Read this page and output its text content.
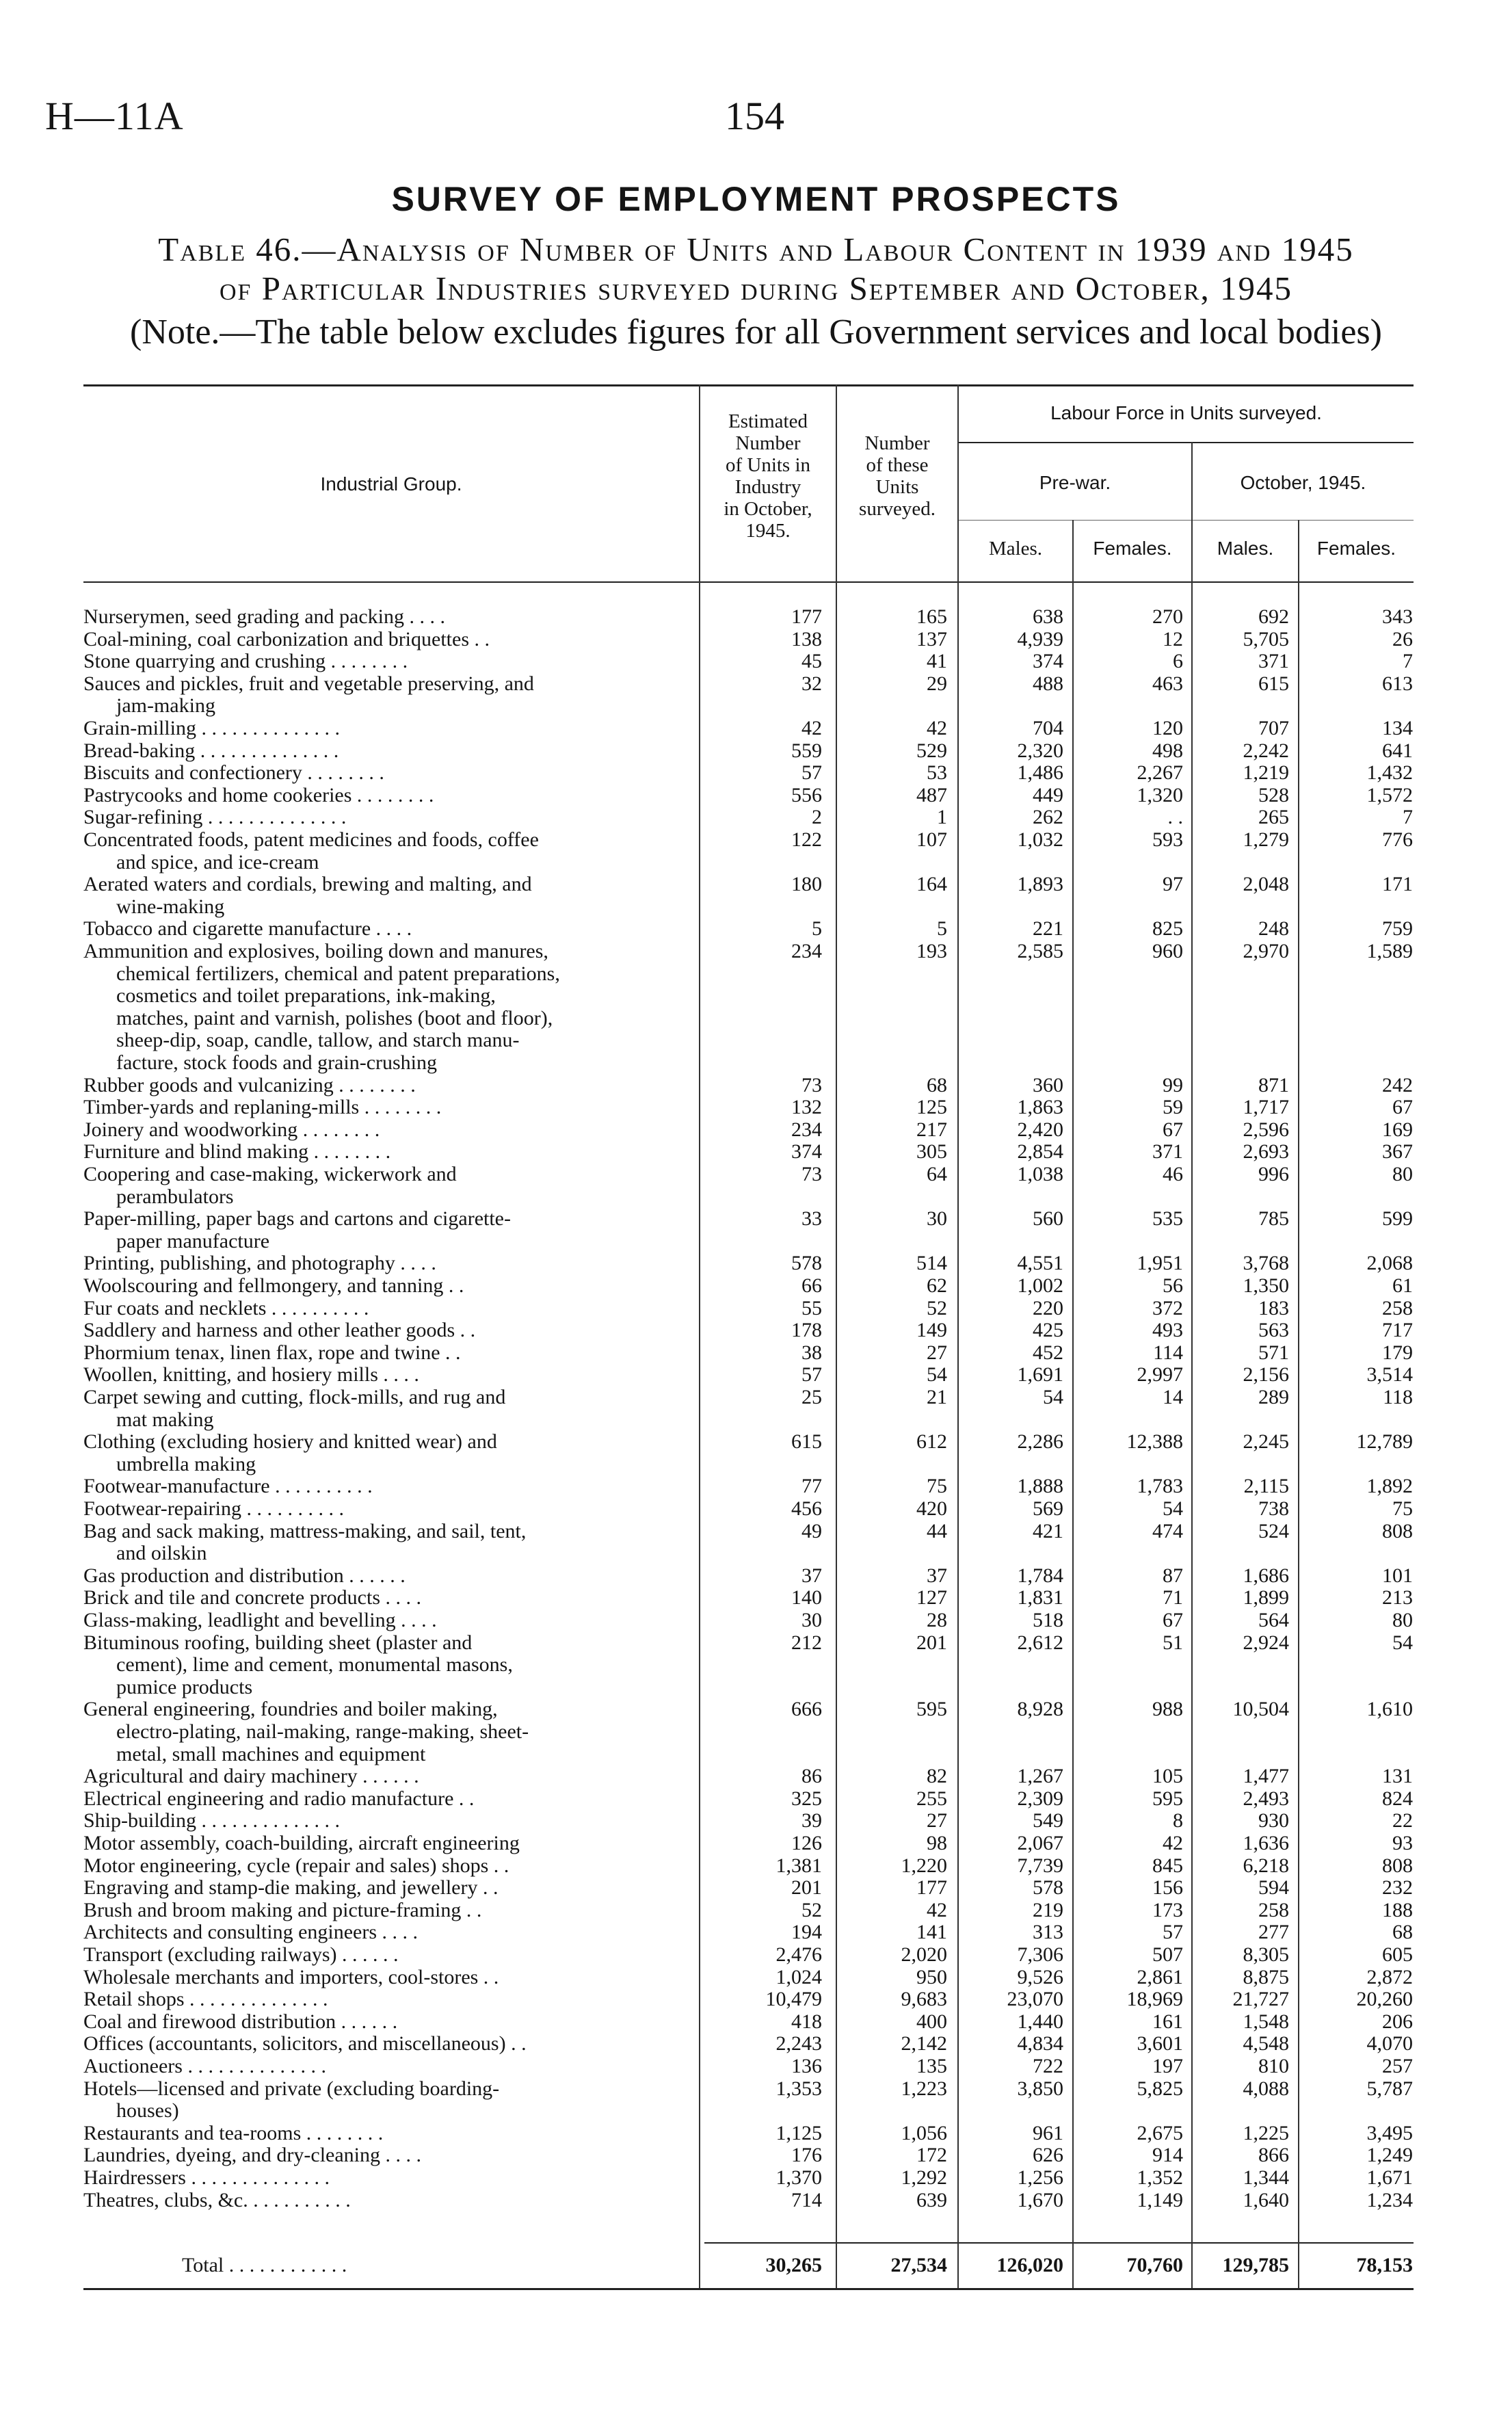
H—11A	154
SURVEY OF EMPLOYMENT PROSPECTS
Table 46.—Analysis of Number of Units and Labour Content in 1939 and 1945
of Particular Industries surveyed during September and October, 1945
(Note.—The table below excludes figures for all Government services and local bodies)
Industrial Group.
Estimated
Number
of Units in
Industry
in October,
1945.
Number
of these
Units
surveyed.
Labour Force in Units surveyed.
Pre-war.	October, 1945.
Males.	Females.	Males.	Females.
Nurserymen, seed grading and packing . . . .	177	165	638	270	692	343
Coal-mining, coal carbonization and briquettes . .	138	137	4,939	12	5,705	26
Stone quarrying and crushing . . . . . . . .	45	41	374	6	371	7
Sauces and pickles, fruit and vegetable preserving, and	32	29	488	463	615	613
jam-making
Grain-milling . . . . . . . . . . . . . .	42	42	704	120	707	134
Bread-baking . . . . . . . . . . . . . .	559	529	2,320	498	2,242	641
Biscuits and confectionery . . . . . . . .	57	53	1,486	2,267	1,219	1,432
Pastrycooks and home cookeries . . . . . . . .	556	487	449	1,320	528	1,572
Sugar-refining . . . . . . . . . . . . . .	2	1	262	. .	265	7
Concentrated foods, patent medicines and foods, coffee	122	107	1,032	593	1,279	776
and spice, and ice-cream
Aerated waters and cordials, brewing and malting, and	180	164	1,893	97	2,048	171
wine-making
Tobacco and cigarette manufacture . . . .	5	5	221	825	248	759
Ammunition and explosives, boiling down and manures,	234	193	2,585	960	2,970	1,589
chemical fertilizers, chemical and patent preparations,
cosmetics and toilet preparations, ink-making,
matches, paint and varnish, polishes (boot and floor),
sheep-dip, soap, candle, tallow, and starch manu-
facture, stock foods and grain-crushing
Rubber goods and vulcanizing . . . . . . . .	73	68	360	99	871	242
Timber-yards and replaning-mills . . . . . . . .	132	125	1,863	59	1,717	67
Joinery and woodworking . . . . . . . .	234	217	2,420	67	2,596	169
Furniture and blind making . . . . . . . .	374	305	2,854	371	2,693	367
Coopering and case-making, wickerwork and	73	64	1,038	46	996	80
perambulators
Paper-milling, paper bags and cartons and cigarette-	33	30	560	535	785	599
paper manufacture
Printing, publishing, and photography . . . .	578	514	4,551	1,951	3,768	2,068
Woolscouring and fellmongery, and tanning . .	66	62	1,002	56	1,350	61
Fur coats and necklets . . . . . . . . . .	55	52	220	372	183	258
Saddlery and harness and other leather goods . .	178	149	425	493	563	717
Phormium tenax, linen flax, rope and twine . .	38	27	452	114	571	179
Woollen, knitting, and hosiery mills . . . .	57	54	1,691	2,997	2,156	3,514
Carpet sewing and cutting, flock-mills, and rug and	25	21	54	14	289	118
mat making
Clothing (excluding hosiery and knitted wear) and	615	612	2,286	12,388	2,245	12,789
umbrella making
Footwear-manufacture . . . . . . . . . .	77	75	1,888	1,783	2,115	1,892
Footwear-repairing . . . . . . . . . .	456	420	569	54	738	75
Bag and sack making, mattress-making, and sail, tent,	49	44	421	474	524	808
and oilskin
Gas production and distribution . . . . . .	37	37	1,784	87	1,686	101
Brick and tile and concrete products . . . .	140	127	1,831	71	1,899	213
Glass-making, leadlight and bevelling . . . .	30	28	518	67	564	80
Bituminous roofing, building sheet (plaster and	212	201	2,612	51	2,924	54
cement), lime and cement, monumental masons,
pumice products
General engineering, foundries and boiler making,	666	595	8,928	988	10,504	1,610
electro-plating, nail-making, range-making, sheet-
metal, small machines and equipment
Agricultural and dairy machinery . . . . . .	86	82	1,267	105	1,477	131
Electrical engineering and radio manufacture . .	325	255	2,309	595	2,493	824
Ship-building . . . . . . . . . . . . . .	39	27	549	8	930	22
Motor assembly, coach-building, aircraft engineering	126	98	2,067	42	1,636	93
Motor engineering, cycle (repair and sales) shops . .	1,381	1,220	7,739	845	6,218	808
Engraving and stamp-die making, and jewellery . .	201	177	578	156	594	232
Brush and broom making and picture-framing . .	52	42	219	173	258	188
Architects and consulting engineers . . . .	194	141	313	57	277	68
Transport (excluding railways) . . . . . .	2,476	2,020	7,306	507	8,305	605
Wholesale merchants and importers, cool-stores . .	1,024	950	9,526	2,861	8,875	2,872
Retail shops . . . . . . . . . . . . . .	10,479	9,683	23,070	18,969	21,727	20,260
Coal and firewood distribution . . . . . .	418	400	1,440	161	1,548	206
Offices (accountants, solicitors, and miscellaneous) . .	2,243	2,142	4,834	3,601	4,548	4,070
Auctioneers . . . . . . . . . . . . . .	136	135	722	197	810	257
Hotels—licensed and private (excluding boarding-	1,353	1,223	3,850	5,825	4,088	5,787
houses)
Restaurants and tea-rooms . . . . . . . .	1,125	1,056	961	2,675	1,225	3,495
Laundries, dyeing, and dry-cleaning . . . .	176	172	626	914	866	1,249
Hairdressers . . . . . . . . . . . . . .	1,370	1,292	1,256	1,352	1,344	1,671
Theatres, clubs, &c. . . . . . . . . . .	714	639	1,670	1,149	1,640	1,234
Total . . . . . . . . . . . .	30,265	27,534	126,020	70,760	129,785	78,153
